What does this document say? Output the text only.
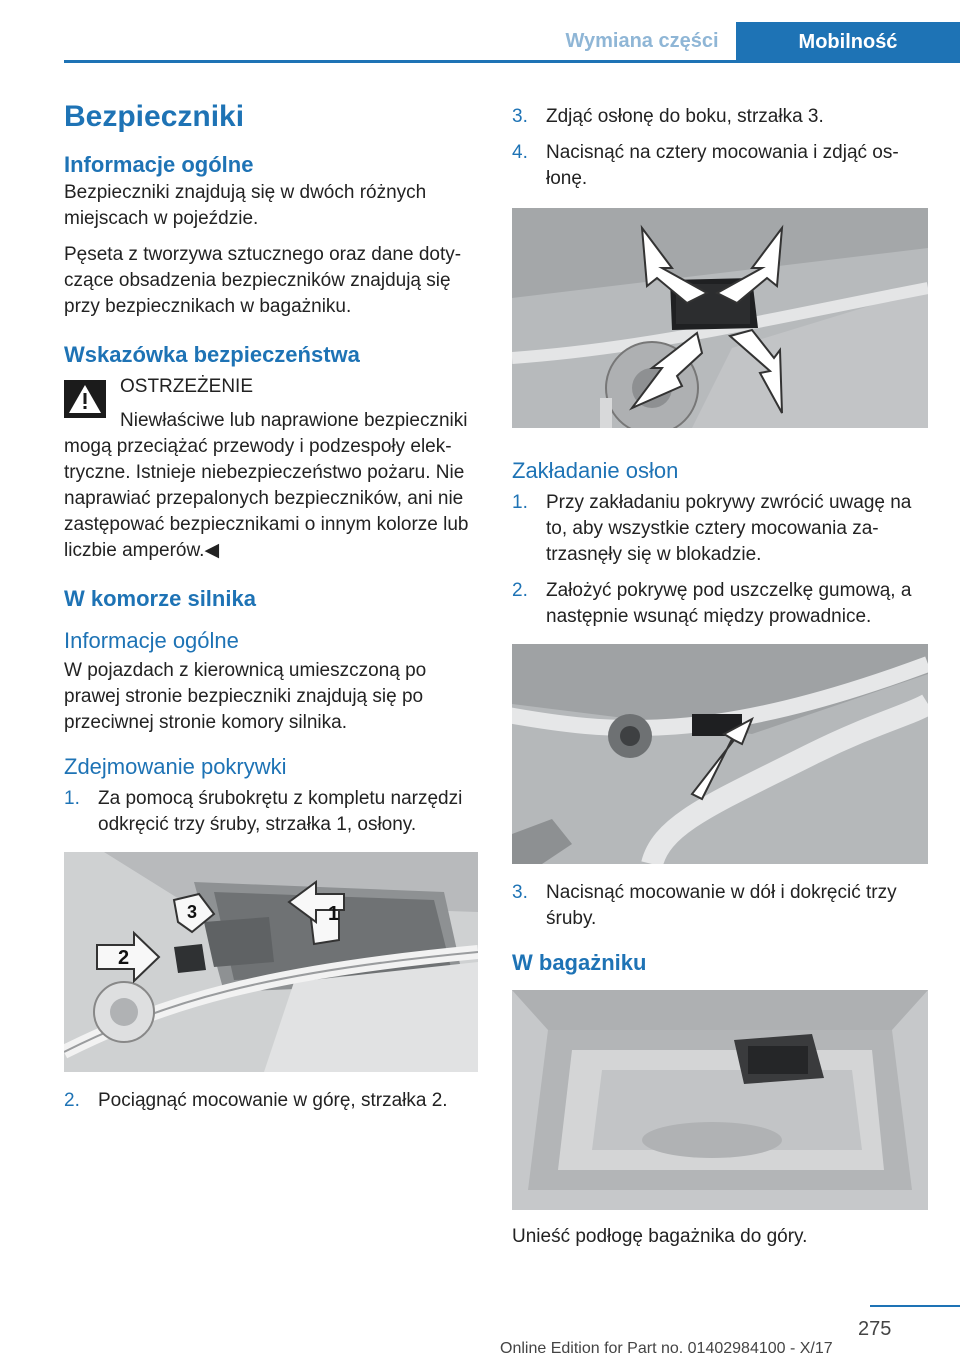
Wymiana części	Mobilność
Bezpieczniki
Informacje ogólne

Bezpieczniki znajdują się w dwóch różnych miejscach w pojeździe.

Pęseta z tworzywa sztucznego oraz dane doty‐czące obsadzenia bezpieczników znajdują się przy bezpiecznikach w bagażniku.

Wskazówka bezpieczeństwa
OSTRZEŻENIE

Niewłaściwe lub naprawione bezpieczniki

mogą przeciążać przewody i podzespoły elek‐tryczne. Istnieje niebezpieczeństwo pożaru. Nie naprawiać przepalonych bezpieczników, ani nie zastępować bezpiecznikami o innym kolorze lub liczbie amperów.◀

W komorze silnika
Informacje ogólne

W pojazdach z kierownicą umieszczoną po prawej stronie bezpieczniki znajdują się po przeciwnej stronie komory silnika.

Zdejmowanie pokrywki
1. Za pomocą śrubokrętu z kompletu narzędzi odkręcić trzy śruby, strzałka 1, osłony.
1
2
3
2. Pociągnąć mocowanie w górę, strzałka 2.
3. Zdjąć osłonę do boku, strzałka 3.
4. Nacisnąć na cztery mocowania i zdjąć os‐łonę.
Zakładanie osłon
1. Przy zakładaniu pokrywy zwrócić uwagę na to, aby wszystkie cztery mocowania za‐trzasnęły się w blokadzie.
2. Założyć pokrywę pod uszczelkę gumową, a następnie wsunąć między prowadnice.
3. Nacisnąć mocowanie w dół i dokręcić trzy śruby.
W bagażniku

Unieść podłogę bagażnika do góry.

275
Online Edition for Part no. 01402984100 - X/17
